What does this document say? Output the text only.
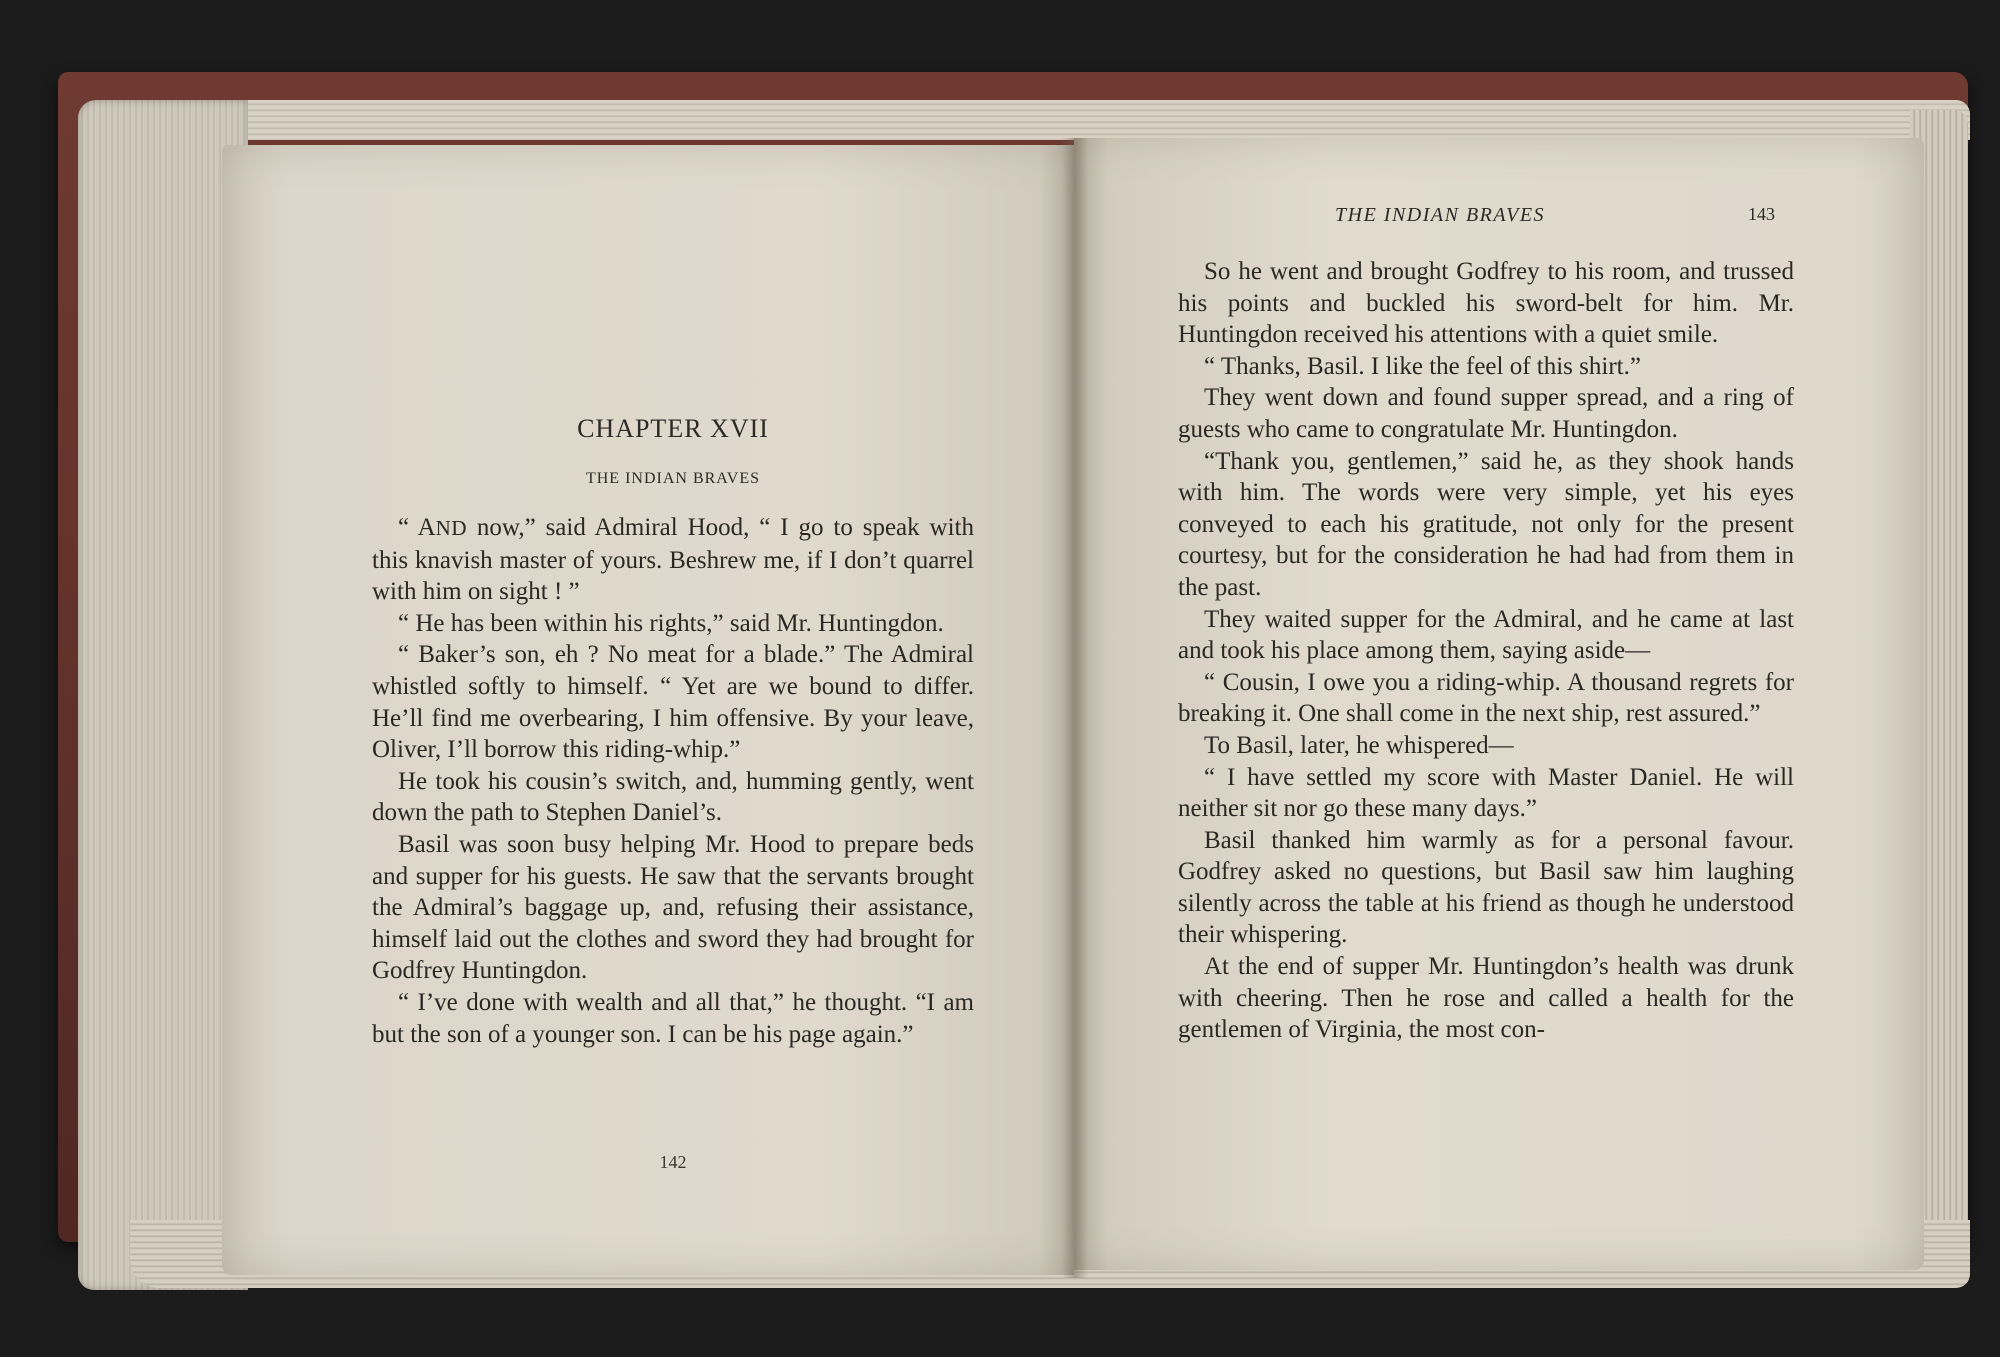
CHAPTER XVII
THE INDIAN BRAVES

“ AND now,” said Admiral Hood, “ I go to speak with this knavish master of yours. Beshrew me, if I don’t quarrel with him on sight ! ”

“ He has been within his rights,” said Mr. Huntingdon.

“ Baker’s son, eh ? No meat for a blade.” The Admiral whistled softly to himself. “ Yet are we bound to differ. He’ll find me overbearing, I him offensive. By your leave, Oliver, I’ll borrow this riding-whip.”

He took his cousin’s switch, and, humming gently, went down the path to Stephen Daniel’s.

Basil was soon busy helping Mr. Hood to prepare beds and supper for his guests. He saw that the servants brought the Admiral’s baggage up, and, refusing their assistance, himself laid out the clothes and sword they had brought for Godfrey Huntingdon.

“ I’ve done with wealth and all that,” he thought. “I am but the son of a younger son. I can be his page again.”

142
THE INDIAN BRAVES	143

So he went and brought Godfrey to his room, and trussed his points and buckled his sword-belt for him. Mr. Huntingdon received his attentions with a quiet smile.

“ Thanks, Basil. I like the feel of this shirt.”

They went down and found supper spread, and a ring of guests who came to congratulate Mr. Huntingdon.

“Thank you, gentlemen,” said he, as they shook hands with him. The words were very simple, yet his eyes conveyed to each his gratitude, not only for the present courtesy, but for the consideration he had had from them in the past.

They waited supper for the Admiral, and he came at last and took his place among them, saying aside—

“ Cousin, I owe you a riding-whip. A thousand regrets for breaking it. One shall come in the next ship, rest assured.”

To Basil, later, he whispered—

“ I have settled my score with Master Daniel. He will neither sit nor go these many days.”

Basil thanked him warmly as for a personal favour. Godfrey asked no questions, but Basil saw him laughing silently across the table at his friend as though he understood their whispering.

At the end of supper Mr. Huntingdon’s health was drunk with cheering. Then he rose and called a health for the gentlemen of Virginia, the most con-
